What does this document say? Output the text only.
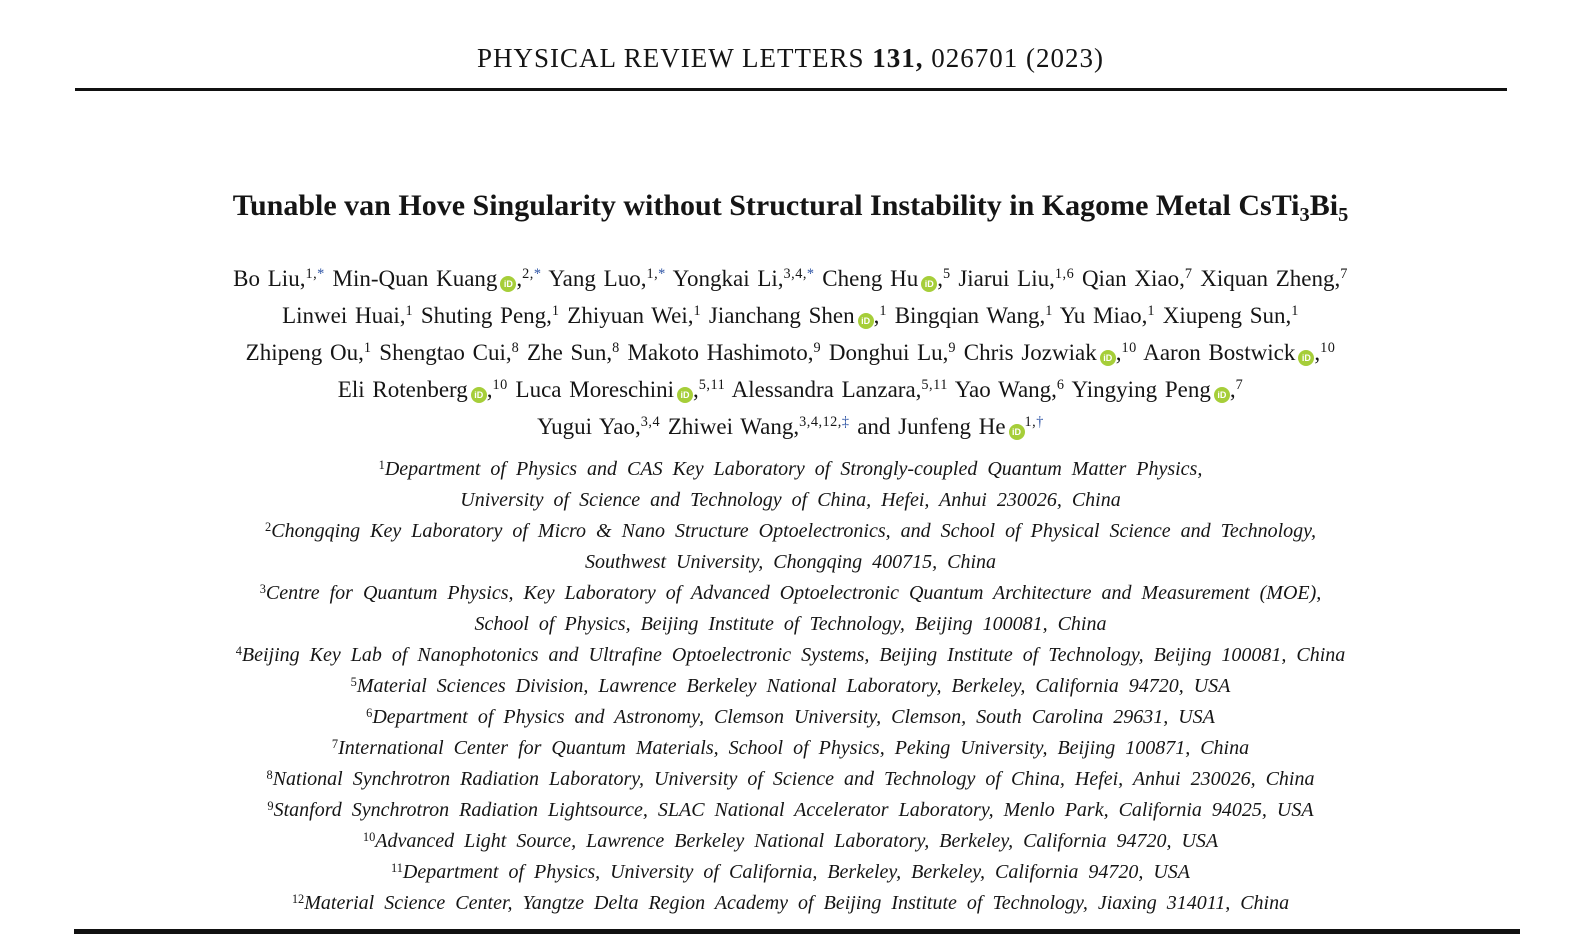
PHYSICAL REVIEW LETTERS 131, 026701 (2023)
Tunable van Hove Singularity without Structural Instability in Kagome Metal $CsTi_3Bi_5$
Bo Liu,$^{1,*}$ Min-Quan Kuang iD ,$^{2,*}$ Yang Luo,$^{1,*}$ Yongkai Li,$^{3,4,*}$ Cheng Hu iD ,$^5$ Jiarui Liu,$^{1,6}$ Qian Xiao,$^7$ Xiquan Zheng,$^7$
Linwei Huai,$^1$ Shuting Peng,$^1$ Zhiyuan Wei,$^1$ Jianchang Shen iD ,$^1$ Bingqian Wang,$^1$ Yu Miao,$^1$ Xiupeng Sun,$^1$
Zhipeng Ou,$^1$ Shengtao Cui,$^8$ Zhe Sun,$^8$ Makoto Hashimoto,$^9$ Donghui Lu,$^9$ Chris Jozwiak iD ,$^{10}$ Aaron Bostwick iD ,$^{10}$
Eli Rotenberg iD ,$^{10}$ Luca Moreschini iD ,$^{5,11}$ Alessandra Lanzara,$^{5,11}$ Yao Wang,$^6$ Yingying Peng iD ,$^7$
Yugui Yao,$^{3,4}$ Zhiwei Wang,$^{3,4,12,\ddagger}$ and Junfeng He $iD^{1,\dagger}$
$^1$Department of Physics and CAS Key Laboratory of Strongly-coupled Quantum Matter Physics,
University of Science and Technology of China, Hefei, Anhui 230026, China
$^2$Chongqing Key Laboratory of Micro & Nano Structure Optoelectronics, and School of Physical Science and Technology,
Southwest University, Chongqing 400715, China
$^3$Centre for Quantum Physics, Key Laboratory of Advanced Optoelectronic Quantum Architecture and Measurement (MOE),
School of Physics, Beijing Institute of Technology, Beijing 100081, China
$^4$Beijing Key Lab of Nanophotonics and Ultrafine Optoelectronic Systems, Beijing Institute of Technology, Beijing 100081, China
$^5$Material Sciences Division, Lawrence Berkeley National Laboratory, Berkeley, California 94720, USA
$^6$Department of Physics and Astronomy, Clemson University, Clemson, South Carolina 29631, USA
$^7$International Center for Quantum Materials, School of Physics, Peking University, Beijing 100871, China
$^8$National Synchrotron Radiation Laboratory, University of Science and Technology of China, Hefei, Anhui 230026, China
$^9$Stanford Synchrotron Radiation Lightsource, SLAC National Accelerator Laboratory, Menlo Park, California 94025, USA
$^{10}$Advanced Light Source, Lawrence Berkeley National Laboratory, Berkeley, California 94720, USA
$^{11}$Department of Physics, University of California, Berkeley, Berkeley, California 94720, USA
$^{12}$Material Science Center, Yangtze Delta Region Academy of Beijing Institute of Technology, Jiaxing 314011, China
